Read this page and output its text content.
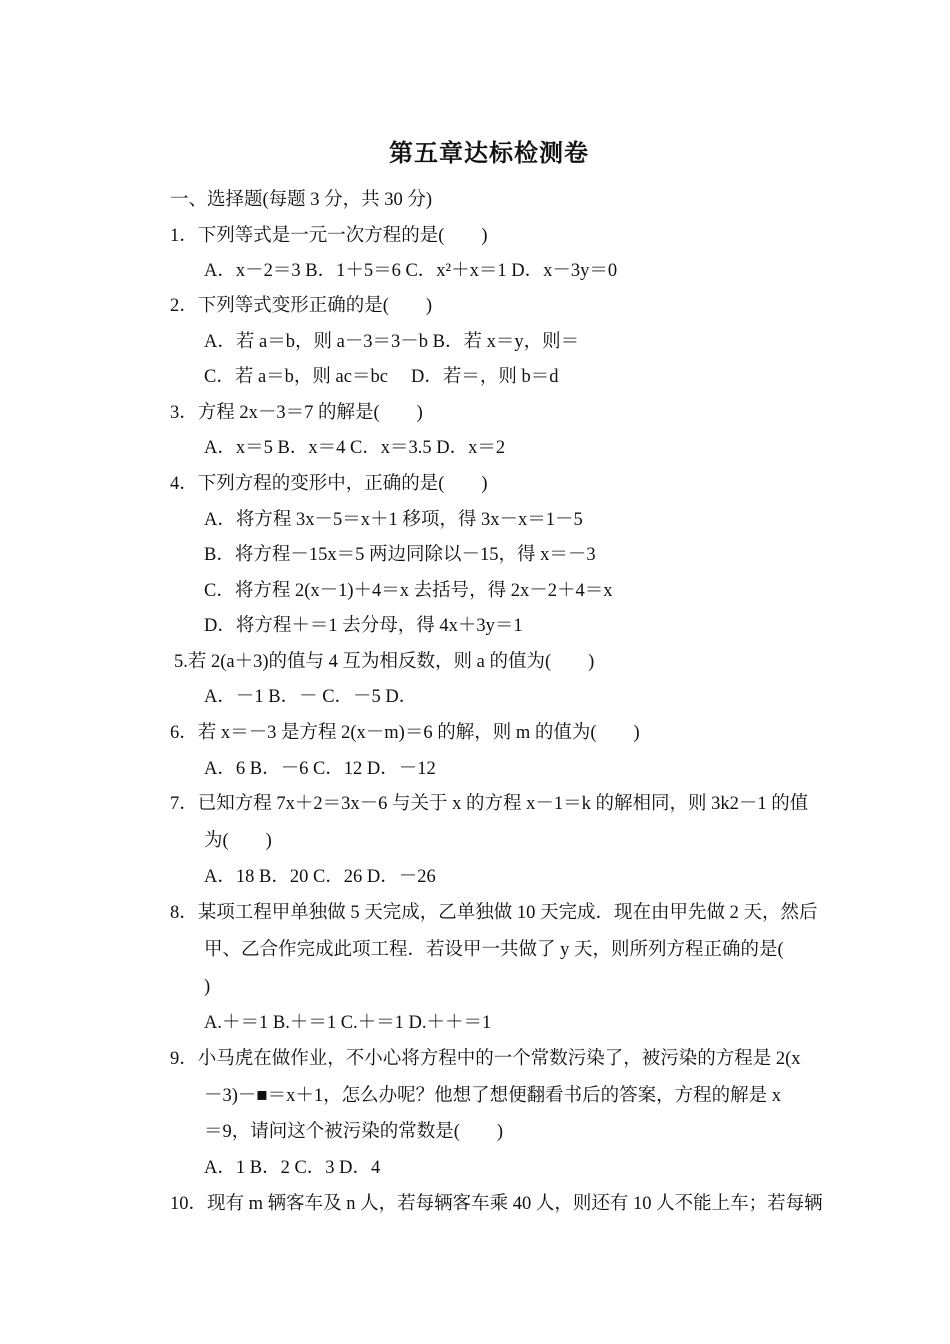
第五章达标检测卷
一、选择题(每题 3 分，共 30 分)
1．下列等式是一元一次方程的是(　　)
A．x－2＝3 B．1＋5＝6 C．x²＋x＝1 D．x－3y＝0
2．下列等式变形正确的是(　　)
A．若 a＝b，则 a－3＝3－b B．若 x＝y，则＝
C．若 a＝b，则 ac＝bc　 D．若＝，则 b＝d
3．方程 2x－3＝7 的解是(　　)
A．x＝5 B．x＝4 C．x＝3.5 D．x＝2
4．下列方程的变形中，正确的是(　　)
A．将方程 3x－5＝x＋1 移项，得 3x－x＝1－5
B．将方程－15x＝5 两边同除以－15，得 x＝－3
C．将方程 2(x－1)＋4＝x 去括号，得 2x－2＋4＝x
D．将方程＋＝1 去分母，得 4x＋3y＝1
5.若 2(a＋3)的值与 4 互为相反数，则 a 的值为(　　)
A．－1 B．－ C．－5 D．
6．若 x＝－3 是方程 2(x－m)＝6 的解，则 m 的值为(　　)
A．6 B．－6 C．12 D．－12
7．已知方程 7x＋2＝3x－6 与关于 x 的方程 x－1＝k 的解相同，则 3k2－1 的值
为(　　)
A．18 B．20 C．26 D．－26
8．某项工程甲单独做 5 天完成，乙单独做 10 天完成．现在由甲先做 2 天，然后
甲、乙合作完成此项工程．若设甲一共做了 y 天，则所列方程正确的是(
)
A.＋＝1 B.＋＝1 C.＋＝1 D.＋＋＝1
9．小马虎在做作业，不小心将方程中的一个常数污染了，被污染的方程是 2(x
－3)－■＝x＋1，怎么办呢？他想了想便翻看书后的答案，方程的解是 x
＝9，请问这个被污染的常数是(　　)
A．1 B．2 C．3 D．4
10．现有 m 辆客车及 n 人，若每辆客车乘 40 人，则还有 10 人不能上车；若每辆
